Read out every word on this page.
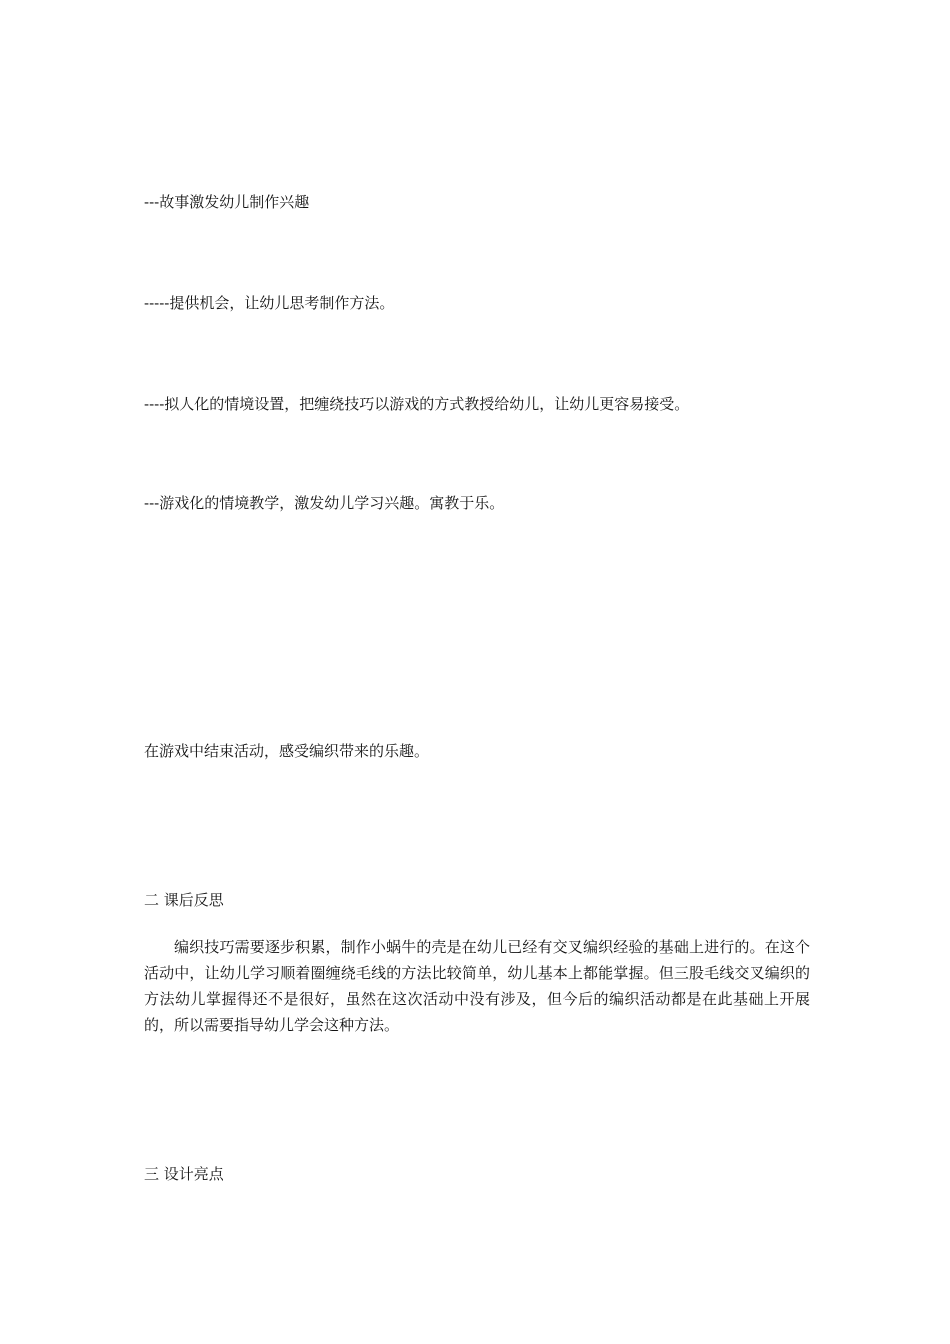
---故事激发幼儿制作兴趣
-----提供机会，让幼儿思考制作方法。
----拟人化的情境设置，把缠绕技巧以游戏的方式教授给幼儿，让幼儿更容易接受。
---游戏化的情境教学，激发幼儿学习兴趣。寓教于乐。
在游戏中结束活动，感受编织带来的乐趣。
二 课后反思

编织技巧需要逐步积累，制作小蜗牛的壳是在幼儿已经有交叉编织经验的基础上进行的。在这个活动中，让幼儿学习顺着圈缠绕毛线的方法比较简单，幼儿基本上都能掌握。但三股毛线交叉编织的方法幼儿掌握得还不是很好，虽然在这次活动中没有涉及，但今后的编织活动都是在此基础上开展的，所以需要指导幼儿学会这种方法。

三 设计亮点
